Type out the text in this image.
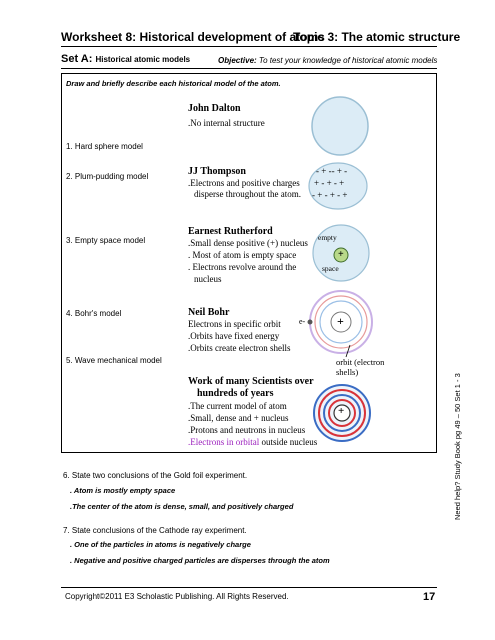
Worksheet 8: Historical development of atoms
Topic 3: The atomic structure
Set A: Historical atomic models	Objective: To test your knowledge of historical atomic models
Draw and briefly describe each historical model of the atom.
1. Hard sphere model
2. Plum-pudding model
3. Empty space model
4. Bohr's model
5. Wave mechanical model
John Dalton
.No internal structure
JJ Thompson
.Electrons and positive charges
disperse throughout the atom.
- + -- + -
+ - + - +
- + - + - +
Earnest Rutherford
.Small dense positive (+) nucleus
. Most of atom is empty space
. Electrons revolve around the
nucleus
empty
space
+
Neil Bohr
Electrons in specific orbit
.Orbits have fixed energy
.Orbits create electron shells
+
e-
orbit (electron
shells)
Work of many Scientists over
hundreds of years
.The current model of atom
.Small, dense and + nucleus
.Protons and neutrons in nucleus
.Electrons in orbital outside nucleus
+
6. State two conclusions of the Gold foil experiment.
. Atom is mostly empty space
.The center of the atom is dense, small, and positively charged
7. State conclusions of the Cathode ray experiment.
. One of the particles in atoms is negatively charge
. Negative and positive charged particles are disperses through the atom
Need help? Study Book pg 49 – 50 Set 1 - 3
Copyright©2011 E3 Scholastic Publishing. All Rights Reserved.	17
